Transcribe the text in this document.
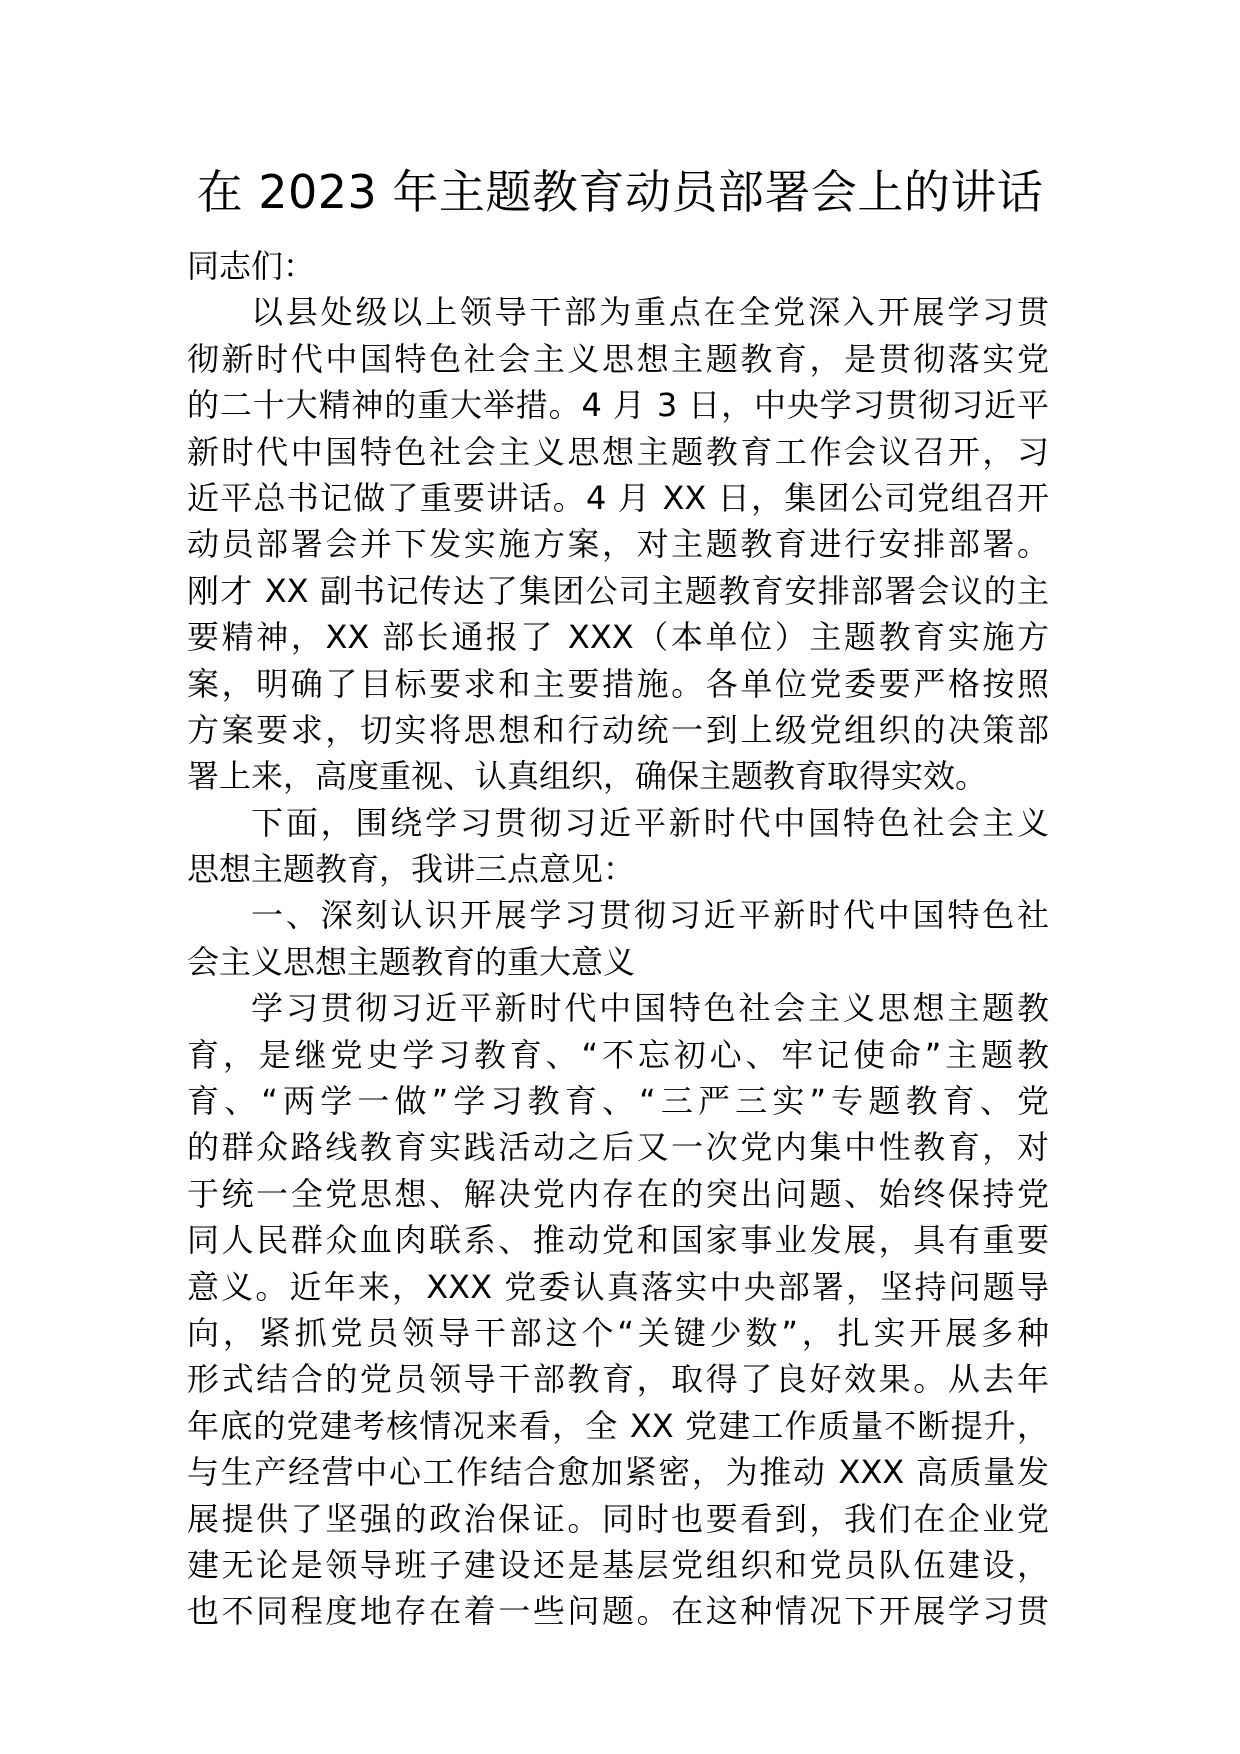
在 2023 年主题教育动员部署会上的讲话
同志们：
以县处级以上领导干部为重点在全党深入开展学习贯
彻新时代中国特色社会主义思想主题教育，是贯彻落实党
的二十大精神的重大举措。4 月 3 日，中央学习贯彻习近平
新时代中国特色社会主义思想主题教育工作会议召开，习
近平总书记做了重要讲话。4 月 XX 日，集团公司党组召开
动员部署会并下发实施方案，对主题教育进行安排部署。
刚才 XX 副书记传达了集团公司主题教育安排部署会议的主
要精神，XX 部长通报了 XXX（本单位）主题教育实施方
案，明确了目标要求和主要措施。各单位党委要严格按照
方案要求，切实将思想和行动统一到上级党组织的决策部
署上来，高度重视、认真组织，确保主题教育取得实效。
下面，围绕学习贯彻习近平新时代中国特色社会主义
思想主题教育，我讲三点意见：
一、深刻认识开展学习贯彻习近平新时代中国特色社
会主义思想主题教育的重大意义
学习贯彻习近平新时代中国特色社会主义思想主题教
育，是继党史学习教育、“不忘初心、牢记使命”主题教
育、“两学一做”学习教育、“三严三实”专题教育、党
的群众路线教育实践活动之后又一次党内集中性教育，对
于统一全党思想、解决党内存在的突出问题、始终保持党
同人民群众血肉联系、推动党和国家事业发展，具有重要
意义。近年来，XXX 党委认真落实中央部署，坚持问题导
向，紧抓党员领导干部这个“关键少数”，扎实开展多种
形式结合的党员领导干部教育，取得了良好效果。从去年
年底的党建考核情况来看，全 XX 党建工作质量不断提升，
与生产经营中心工作结合愈加紧密，为推动 XXX 高质量发
展提供了坚强的政治保证。同时也要看到，我们在企业党
建无论是领导班子建设还是基层党组织和党员队伍建设，
也不同程度地存在着一些问题。在这种情况下开展学习贯
